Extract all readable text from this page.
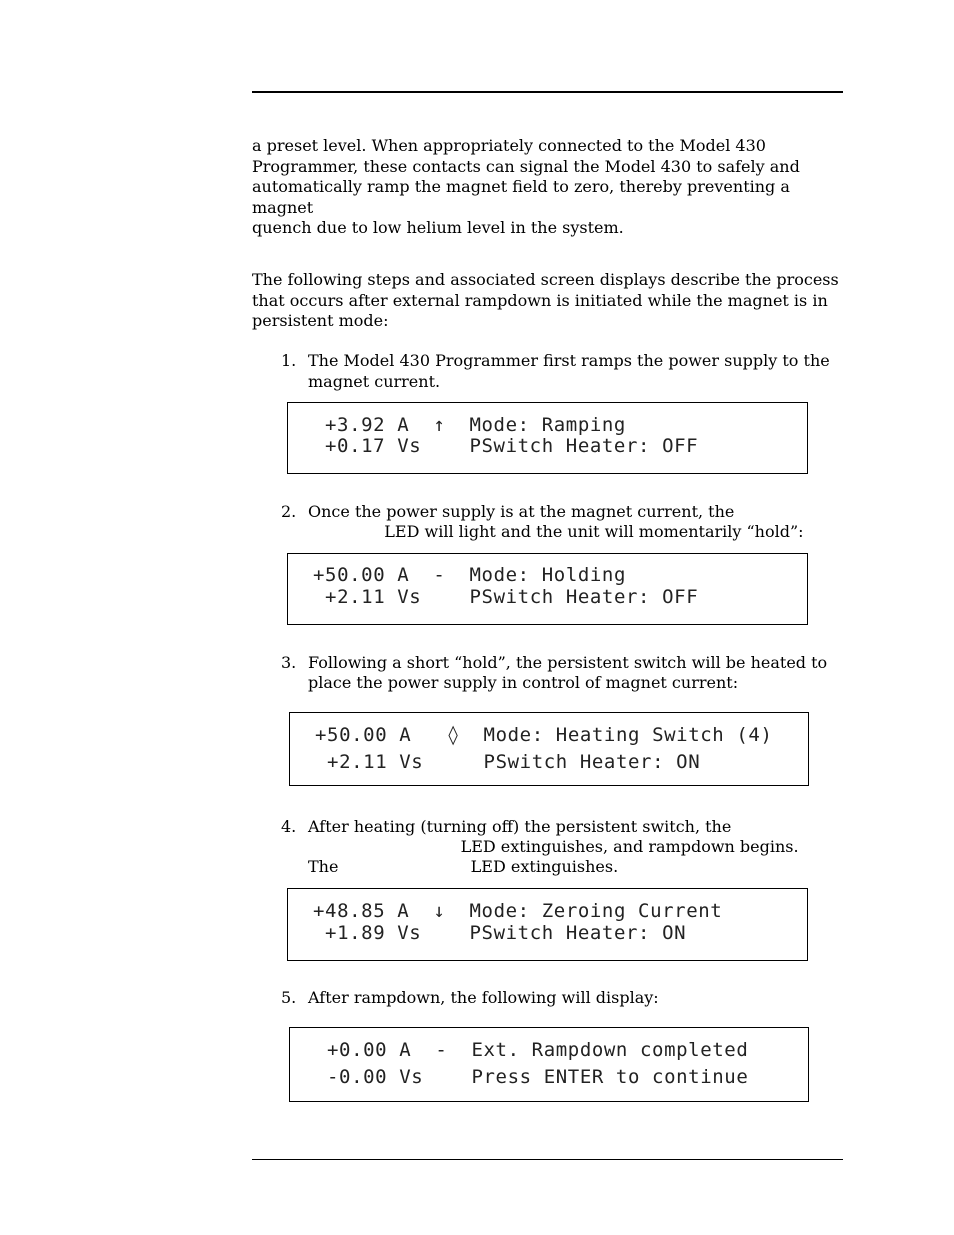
a preset level. When appropriately connected to the Model 430
Programmer, these contacts can signal the Model 430 to safely and
automatically ramp the magnet field to zero, thereby preventing a magnet
quench due to low helium level in the system.

The following steps and associated screen displays describe the process
that occurs after external rampdown is initiated while the magnet is in
persistent mode:

1. The Model 430 Programmer first ramps the power supply to the
magnet current.
+3.92 A  ↑  Mode: Ramping
+0.17 Vs    PSwitch Heater: OFF
2. Once the power supply is at the magnet current, the
LED will light and the unit will momentarily “hold”:
+50.00 A  -  Mode: Holding
+2.11 Vs    PSwitch Heater: OFF
3. Following a short “hold”, the persistent switch will be heated to
place the power supply in control of magnet current:
+50.00 A   ◊  Mode: Heating Switch (4)
+2.11 Vs     PSwitch Heater: ON
4. After heating (turning off) the persistent switch, the
LED extinguishes, and rampdown begins.
The                          LED extinguishes.
+48.85 A  ↓  Mode: Zeroing Current
+1.89 Vs    PSwitch Heater: ON
5. After rampdown, the following will display:
+0.00 A  -  Ext. Rampdown completed
-0.00 Vs    Press ENTER to continue
